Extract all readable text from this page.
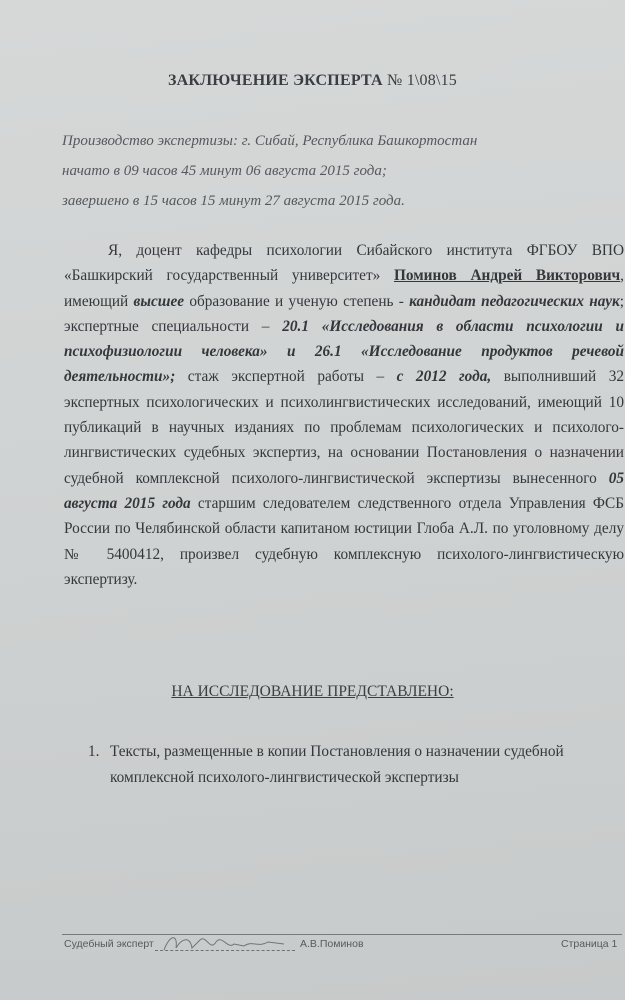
ЗАКЛЮЧЕНИЕ ЭКСПЕРТА № 1\08\15
Производство экспертизы: г. Сибай, Республика Башкортостан
начато в 09 часов 45 минут 06 августа 2015 года;
завершено в 15 часов 15 минут 27 августа 2015 года.

Я, доцент кафедры психологии Сибайского института ФГБОУ ВПО «Башкирский государственный университет» Поминов Андрей Викторович, имеющий высшее образование и ученую степень - кандидат педагогических наук; экспертные специальности – 20.1 «Исследования в области психологии и психофизиологии человека» и 26.1 «Исследование продуктов речевой деятельности»; стаж экспертной работы – с 2012 года, выполнивший 32 экспертных психологических и психолингвистических исследований, имеющий 10 публикаций в научных изданиях по проблемам психологических и психолого-лингвистических судебных экспертиз, на основании Постановления о назначении судебной комплексной психолого-лингвистической экспертизы вынесенного 05 августа 2015 года старшим следователем следственного отдела Управления ФСБ России по Челябинской области капитаном юстиции Глоба А.Л. по уголовному делу № 5400412, произвел судебную комплексную психолого-лингвистическую экспертизу.

НА ИССЛЕДОВАНИЕ ПРЕДСТАВЛЕНО:
1. Тексты, размещенные в копии Постановления о назначении судебной комплексной психолого-лингвистической экспертизы
Судебный эксперт	А.В.Поминов	Страница 1
